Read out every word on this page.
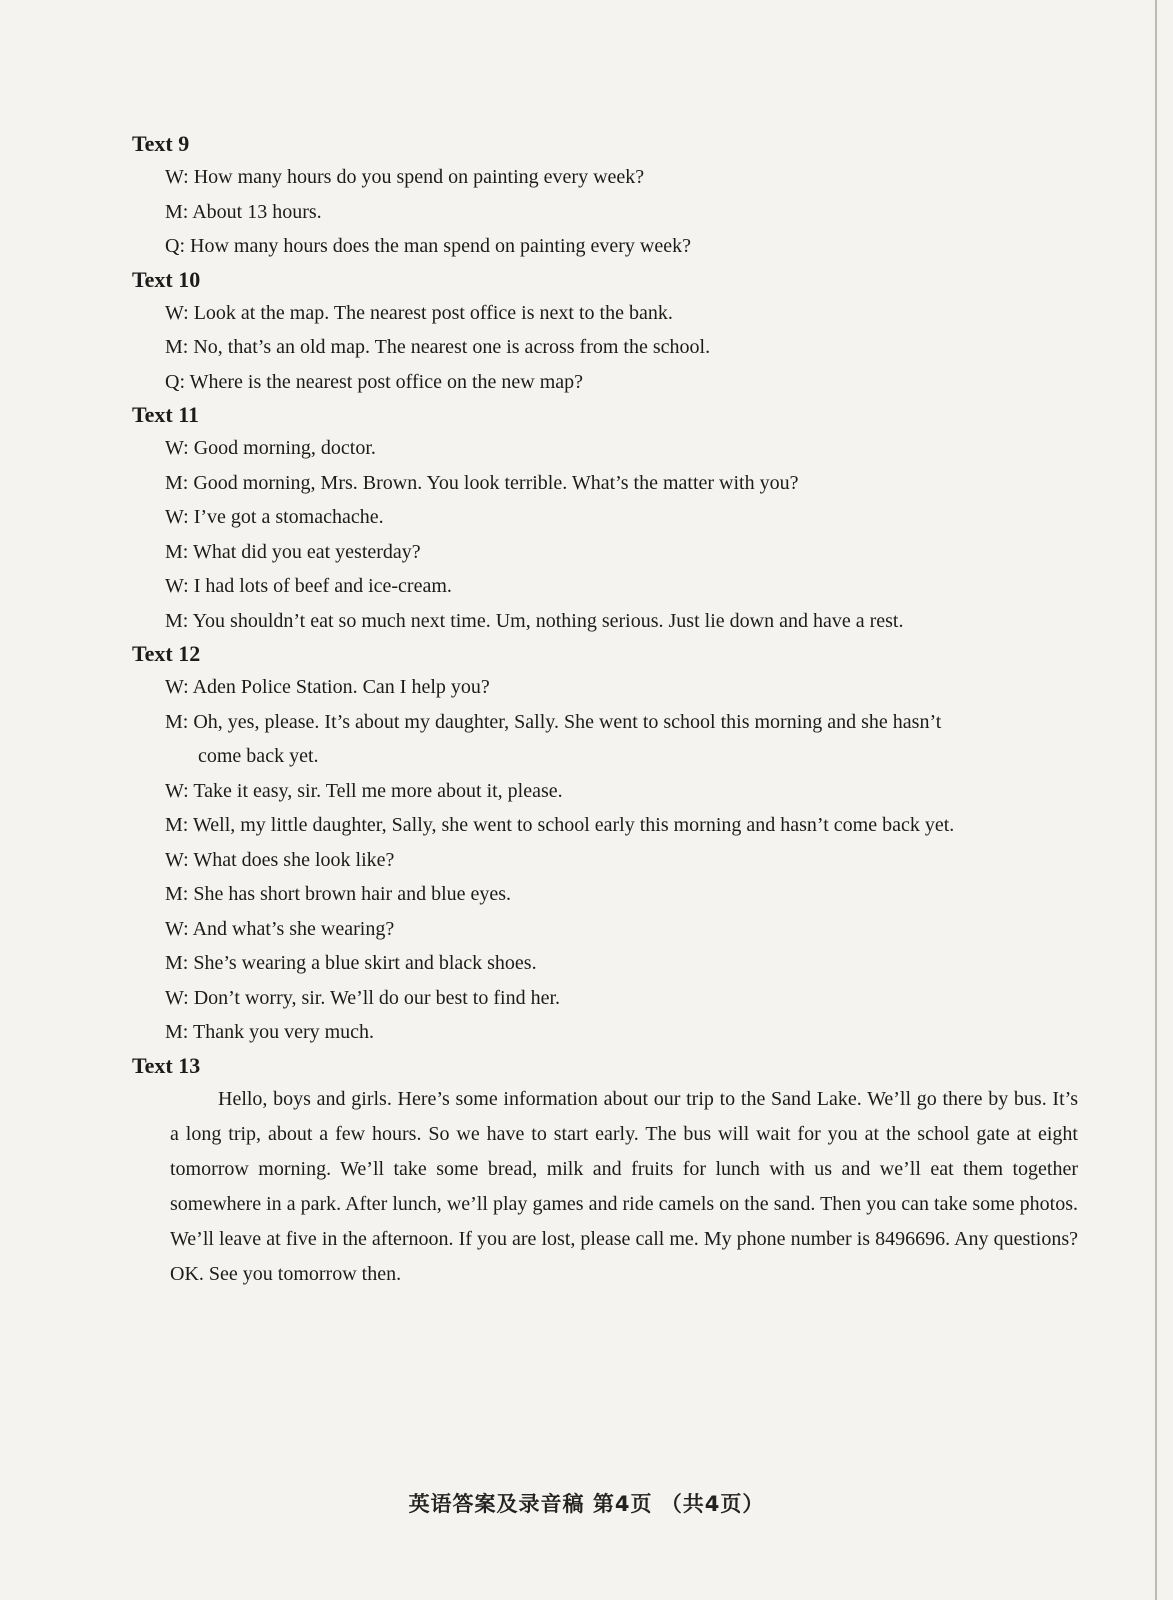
Text 9
W: How many hours do you spend on painting every week?
M: About 13 hours.
Q: How many hours does the man spend on painting every week?
Text 10
W: Look at the map. The nearest post office is next to the bank.
M: No, that’s an old map. The nearest one is across from the school.
Q: Where is the nearest post office on the new map?
Text 11
W: Good morning, doctor.
M: Good morning, Mrs. Brown. You look terrible. What’s the matter with you?
W: I’ve got a stomachache.
M: What did you eat yesterday?
W: I had lots of beef and ice-cream.
M: You shouldn’t eat so much next time. Um, nothing serious. Just lie down and have a rest.
Text 12
W: Aden Police Station. Can I help you?
M: Oh, yes, please. It’s about my daughter, Sally. She went to school this morning and she hasn’t
come back yet.
W: Take it easy, sir. Tell me more about it, please.
M: Well, my little daughter, Sally, she went to school early this morning and hasn’t come back yet.
W: What does she look like?
M: She has short brown hair and blue eyes.
W: And what’s she wearing?
M: She’s wearing a blue skirt and black shoes.
W: Don’t worry, sir. We’ll do our best to find her.
M: Thank you very much.
Text 13
Hello, boys and girls. Here’s some information about our trip to the Sand Lake. We’ll go there by bus. It’s a long trip, about a few hours. So we have to start early. The bus will wait for you at the school gate at eight tomorrow morning. We’ll take some bread, milk and fruits for lunch with us and we’ll eat them together somewhere in a park. After lunch, we’ll play games and ride camels on the sand. Then you can take some photos. We’ll leave at five in the afternoon. If you are lost, please call me. My phone number is 8496696. Any questions? OK. See you tomorrow then.
英语答案及录音稿 第4页 （共4页）
